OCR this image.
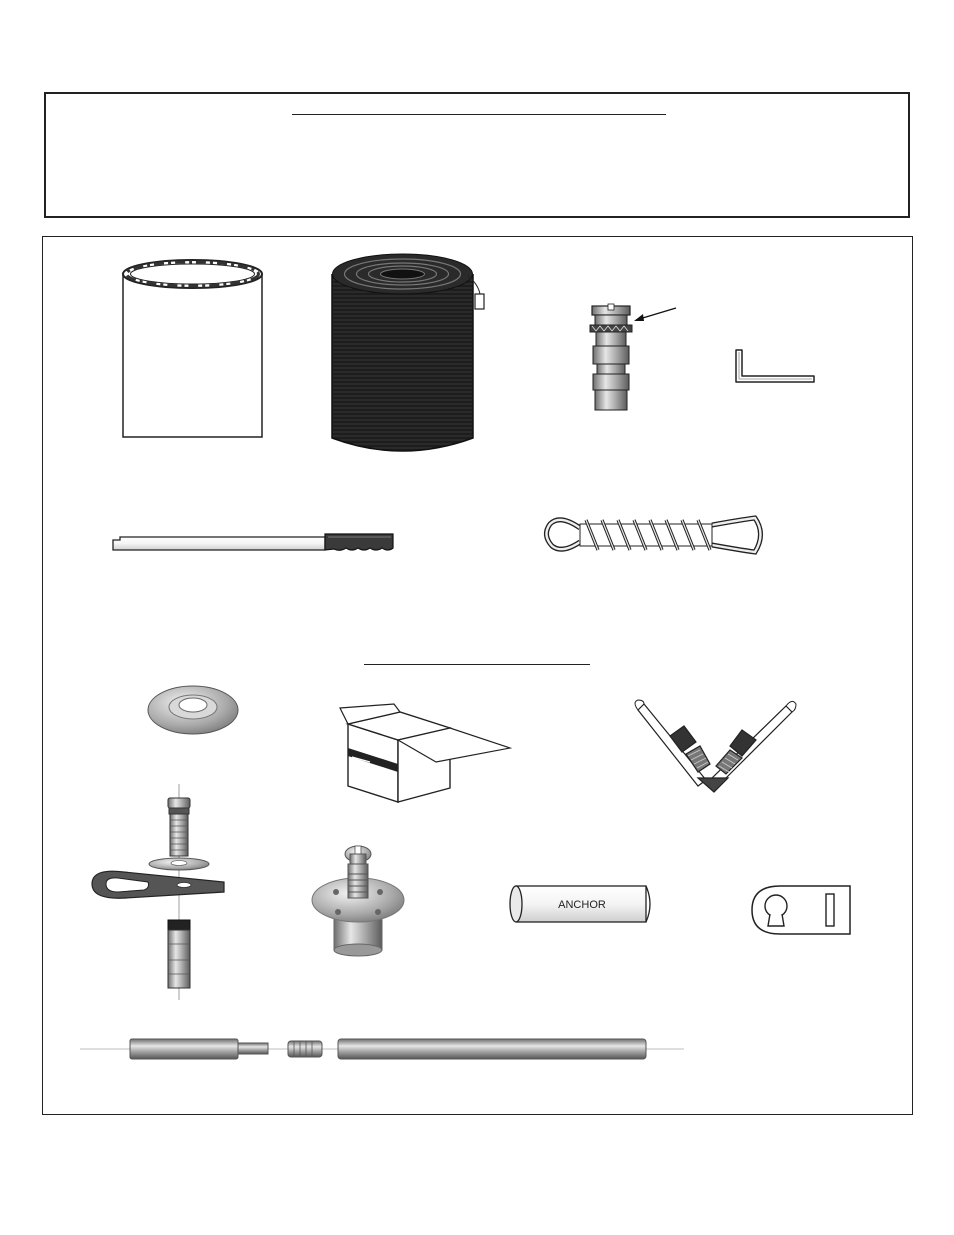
ANCHOR
